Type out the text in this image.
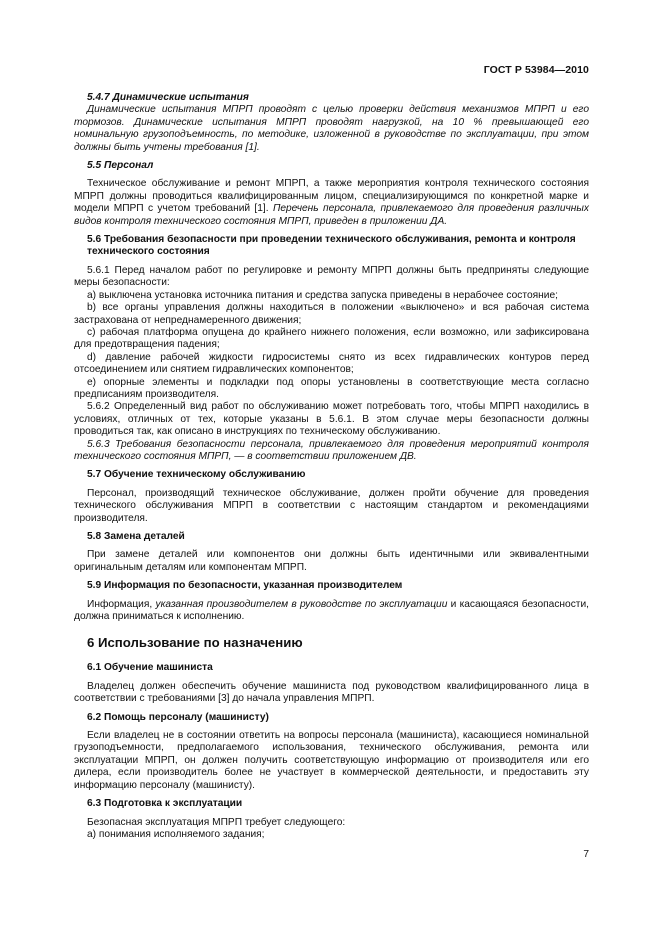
ГОСТ Р 53984—2010
5.4.7 Динамические испытания

Динамические испытания МПРП проводят с целью проверки действия механизмов МПРП и его тормозов. Динамические испытания МПРП проводят нагрузкой, на 10 % превышающей его номинальную грузоподъемность, по методике, изложенной в руководстве по эксплуатации, при этом должны быть учтены требования [1].

5.5 Персонал

Техническое обслуживание и ремонт МПРП, а также мероприятия контроля технического состояния МПРП должны проводиться квалифицированным лицом, специализирующимся по конкретной марке и модели МПРП с учетом требований [1]. Перечень персонала, привлекаемого для проведения различных видов контроля технического состояния МПРП, приведен в приложении ДА.

5.6 Требования безопасности при проведении технического обслуживания, ремонта и контроля технического состояния

5.6.1 Перед началом работ по регулировке и ремонту МПРП должны быть предприняты следующие меры безопасности:

a) выключена установка источника питания и средства запуска приведены в нерабочее состояние;

b) все органы управления должны находиться в положении «выключено» и вся рабочая система застрахована от непреднамеренного движения;

c) рабочая платформа опущена до крайнего нижнего положения, если возможно, или зафиксирована для предотвращения падения;

d) давление рабочей жидкости гидросистемы снято из всех гидравлических контуров перед отсоединением или снятием гидравлических компонентов;

e) опорные элементы и подкладки под опоры установлены в соответствующие места согласно предписаниям производителя.

5.6.2 Определенный вид работ по обслуживанию может потребовать того, чтобы МПРП находились в условиях, отличных от тех, которые указаны в 5.6.1. В этом случае меры безопасности должны проводиться так, как описано в инструкциях по техническому обслуживанию.

5.6.3 Требования безопасности персонала, привлекаемого для проведения мероприятий контроля технического состояния МПРП, — в соответствии приложением ДВ.

5.7 Обучение техническому обслуживанию

Персонал, производящий техническое обслуживание, должен пройти обучение для проведения технического обслуживания МПРП в соответствии с настоящим стандартом и рекомендациями производителя.

5.8 Замена деталей

При замене деталей или компонентов они должны быть идентичными или эквивалентными оригинальным деталям или компонентам МПРП.

5.9 Информация по безопасности, указанная производителем

Информация, указанная производителем в руководстве по эксплуатации и касающаяся безопасности, должна приниматься к исполнению.

6 Использование по назначению
6.1 Обучение машиниста

Владелец должен обеспечить обучение машиниста под руководством квалифицированного лица в соответствии с требованиями [3] до начала управления МПРП.

6.2 Помощь персоналу (машинисту)

Если владелец не в состоянии ответить на вопросы персонала (машиниста), касающиеся номинальной грузоподъемности, предполагаемого использования, технического обслуживания, ремонта или эксплуатации МПРП, он должен получить соответствующую информацию от производителя или его дилера, если производитель более не участвует в коммерческой деятельности, и предоставить эту информацию персоналу (машинисту).

6.3 Подготовка к эксплуатации

Безопасная эксплуатация МПРП требует следующего:

a) понимания исполняемого задания;

7
